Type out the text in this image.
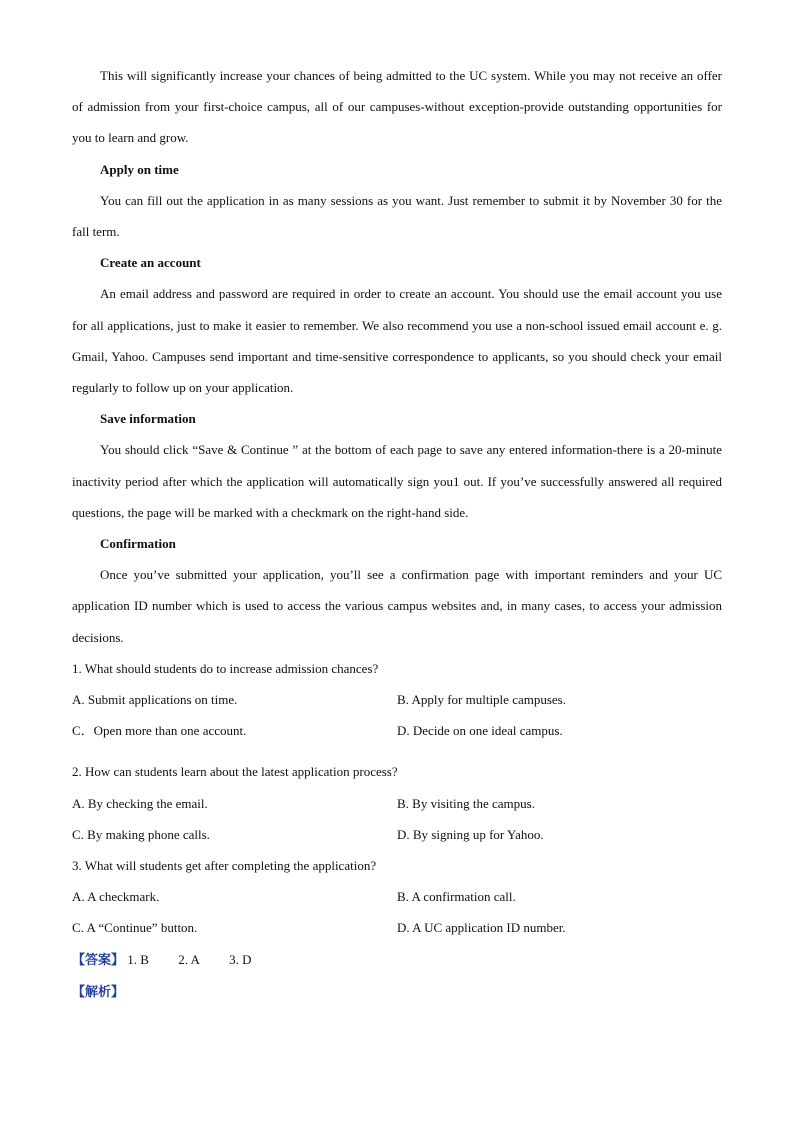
This will significantly increase your chances of being admitted to the UC system. While you may not receive an offer of admission from your first-choice campus, all of our campuses-without exception-provide outstanding opportunities for you to learn and grow.

Apply on time

You can fill out the application in as many sessions as you want. Just remember to submit it by November 30 for the fall term.

Create an account

An email address and password are required in order to create an account. You should use the email account you use for all applications, just to make it easier to remember. We also recommend you use a non-school issued email account e. g. Gmail, Yahoo. Campuses send important and time-sensitive correspondence to applicants, so you should check your email regularly to follow up on your application.

Save information

You should click “Save & Continue ” at the bottom of each page to save any entered information-there is a 20-minute inactivity period after which the application will automatically sign you1 out. If you’ve successfully answered all required questions, the page will be marked with a checkmark on the right-hand side.

Confirmation

Once you’ve submitted your application, you’ll see a confirmation page with important reminders and your UC application ID number which is used to access the various campus websites and, in many cases, to access your admission decisions.

1. What should students do to increase admission chances?

A. Submit applications on time.	B. Apply for multiple campuses.
C．Open more than one account.	D. Decide on one ideal campus.

2. How can students learn about the latest application process?

A. By checking the email.	B. By visiting the campus.
C. By making phone calls.	D. By signing up for Yahoo.

3. What will students get after completing the application?

A. A checkmark.	B. A confirmation call.
C. A “Continue” button.	D. A UC application ID number.

【答案】 1. B 2. A 3. D

【解析】
